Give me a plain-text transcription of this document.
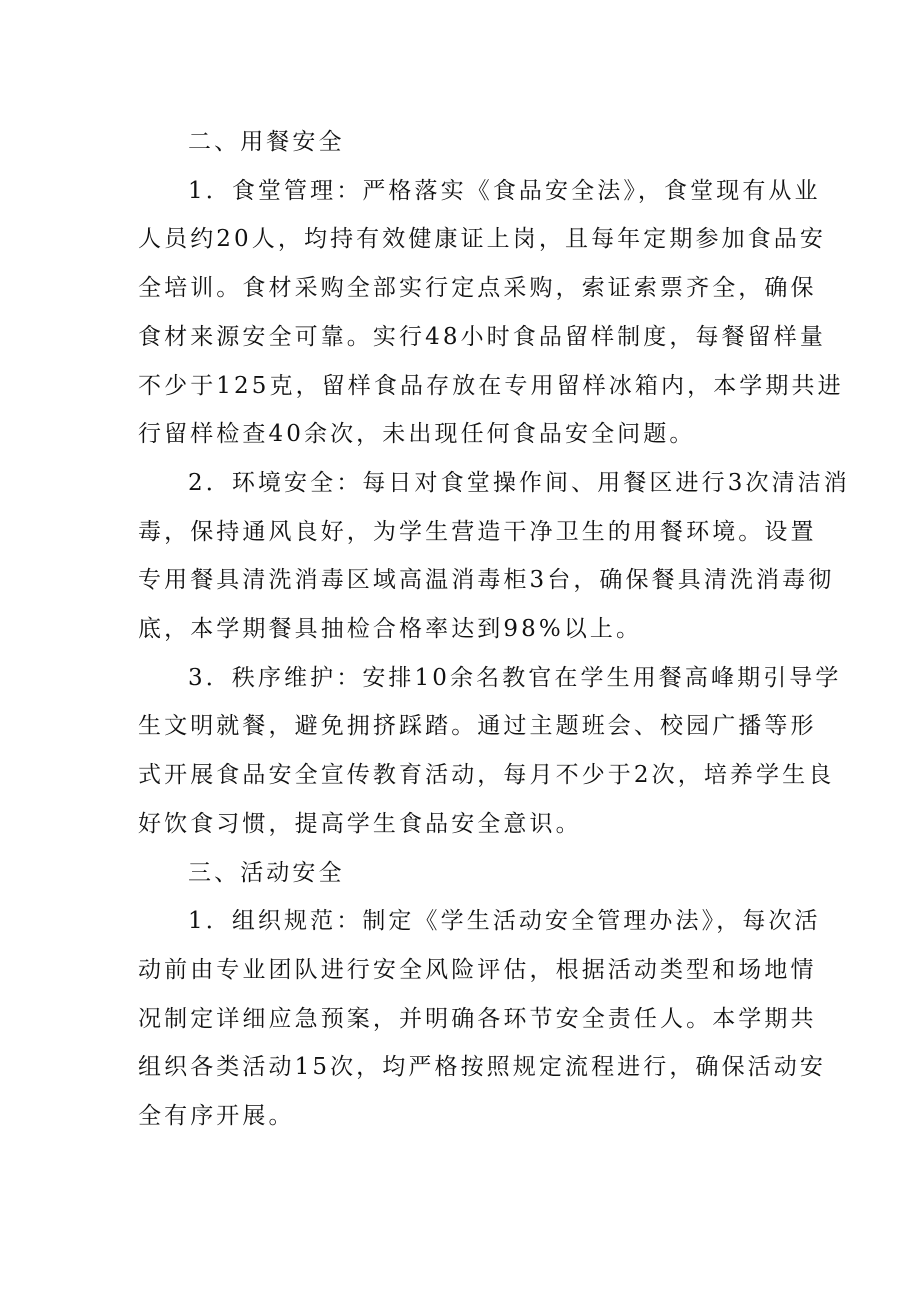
二、用餐安全
1．食堂管理：严格落实《食品安全法》，食堂现有从业
人员约20人，均持有效健康证上岗，且每年定期参加食品安
全培训。食材采购全部实行定点采购，索证索票齐全，确保
食材来源安全可靠。实行48小时食品留样制度，每餐留样量
不少于125克，留样食品存放在专用留样冰箱内，本学期共进
行留样检查40余次，未出现任何食品安全问题。
2．环境安全：每日对食堂操作间、用餐区进行3次清洁消
毒，保持通风良好，为学生营造干净卫生的用餐环境。设置
专用餐具清洗消毒区域高温消毒柜3台，确保餐具清洗消毒彻
底，本学期餐具抽检合格率达到98%以上。
3．秩序维护：安排10余名教官在学生用餐高峰期引导学
生文明就餐，避免拥挤踩踏。通过主题班会、校园广播等形
式开展食品安全宣传教育活动，每月不少于2次，培养学生良
好饮食习惯，提高学生食品安全意识。
三、活动安全
1．组织规范：制定《学生活动安全管理办法》，每次活
动前由专业团队进行安全风险评估，根据活动类型和场地情
况制定详细应急预案，并明确各环节安全责任人。本学期共
组织各类活动15次，均严格按照规定流程进行，确保活动安
全有序开展。
